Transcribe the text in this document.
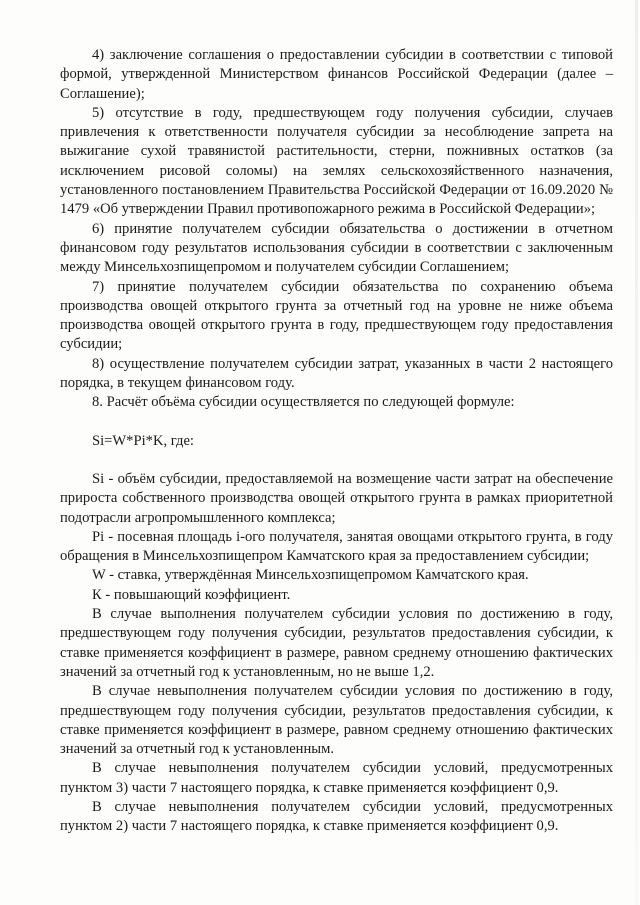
4) заключение соглашения о предоставлении субсидии в соответствии с типовой формой, утвержденной Министерством финансов Российской Федерации (далее – Соглашение);

5) отсутствие в году, предшествующем году получения субсидии, случаев привлечения к ответственности получателя субсидии за несоблюдение запрета на выжигание сухой травянистой растительности, стерни, пожнивных остатков (за исключением рисовой соломы) на землях сельскохозяйственного назначения, установленного постановлением Правительства Российской Федерации от 16.09.2020 № 1479 «Об утверждении Правил противопожарного режима в Российской Федерации»;

6) принятие получателем субсидии обязательства о достижении в отчетном финансовом году результатов использования субсидии в соответствии с заключенным между Минсельхозпищепромом и получателем субсидии Соглашением;

7) принятие получателем субсидии обязательства по сохранению объема производства овощей открытого грунта за отчетный год на уровне не ниже объема производства овощей открытого грунта в году, предшествующем году предоставления субсидии;

8) осуществление получателем субсидии затрат, указанных в части 2 настоящего порядка, в текущем финансовом году.

8. Расчёт объёма субсидии осуществляется по следующей формуле:

Si=W*Pi*K, где:

Si - объём субсидии, предоставляемой на возмещение части затрат на обеспечение прироста собственного производства овощей открытого грунта в рамках приоритетной подотрасли агропромышленного комплекса;

Pi - посевная площадь i-ого получателя, занятая овощами открытого грунта, в году обращения в Минсельхозпищепром Камчатского края за предоставлением субсидии;

W - ставка, утверждённая Минсельхозпищепромом Камчатского края.

К - повышающий коэффициент.

В случае выполнения получателем субсидии условия по достижению в году, предшествующем году получения субсидии, результатов предоставления субсидии, к ставке применяется коэффициент в размере, равном среднему отношению фактических значений за отчетный год к установленным, но не выше 1,2.

В случае невыполнения получателем субсидии условия по достижению в году, предшествующем году получения субсидии, результатов предоставления субсидии, к ставке применяется коэффициент в размере, равном среднему отношению фактических значений за отчетный год к установленным.

В случае невыполнения получателем субсидии условий, предусмотренных пунктом 3) части 7 настоящего порядка, к ставке применяется коэффициент 0,9.

В случае невыполнения получателем субсидии условий, предусмотренных пунктом 2) части 7 настоящего порядка, к ставке применяется коэффициент 0,9.
